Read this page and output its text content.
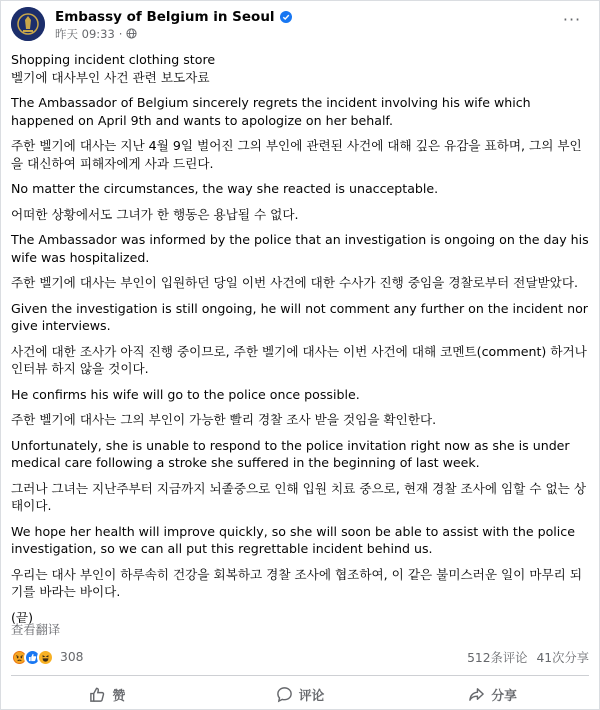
Embassy of Belgium in Seoul
昨天 09:33 ·
···

Shopping incident clothing store
벨기에 대사부인 사건 관련 보도자료

The Ambassador of Belgium sincerely regrets the incident involving his wife which happened on April 9th and wants to apologize on her behalf.

주한 벨기에 대사는 지난 4월 9일 벌어진 그의 부인에 관련된 사건에 대해 깊은 유감을 표하며, 그의 부인을 대신하여 피해자에게 사과 드린다.

No matter the circumstances, the way she reacted is unacceptable.

어떠한 상황에서도 그녀가 한 행동은 용납될 수 없다.

The Ambassador was informed by the police that an investigation is ongoing on the day his wife was hospitalized.

주한 벨기에 대사는 부인이 입원하던 당일 이번 사건에 대한 수사가 진행 중임을 경찰로부터 전달받았다.

Given the investigation is still ongoing, he will not comment any further on the incident nor give interviews.

사건에 대한 조사가 아직 진행 중이므로, 주한 벨기에 대사는 이번 사건에 대해 코멘트(comment) 하거나 인터뷰 하지 않을 것이다.

He confirms his wife will go to the police once possible.

주한 벨기에 대사는 그의 부인이 가능한 빨리 경찰 조사 받을 것임을 확인한다.

Unfortunately, she is unable to respond to the police invitation right now as she is under medical care following a stroke she suffered in the beginning of last week.

그러나 그녀는 지난주부터 지금까지 뇌졸중으로 인해 입원 치료 중으로, 현재 경찰 조사에 임할 수 없는 상태이다.

We hope her health will improve quickly, so she will soon be able to assist with the police investigation, so we can all put this regrettable incident behind us.

우리는 대사 부인이 하루속히 건강을 회복하고 경찰 조사에 협조하여, 이 같은 불미스러운 일이 마무리 되기를 바라는 바이다.

(끝)

查看翻译
308	512条评论 41次分享
赞	评论	分享
